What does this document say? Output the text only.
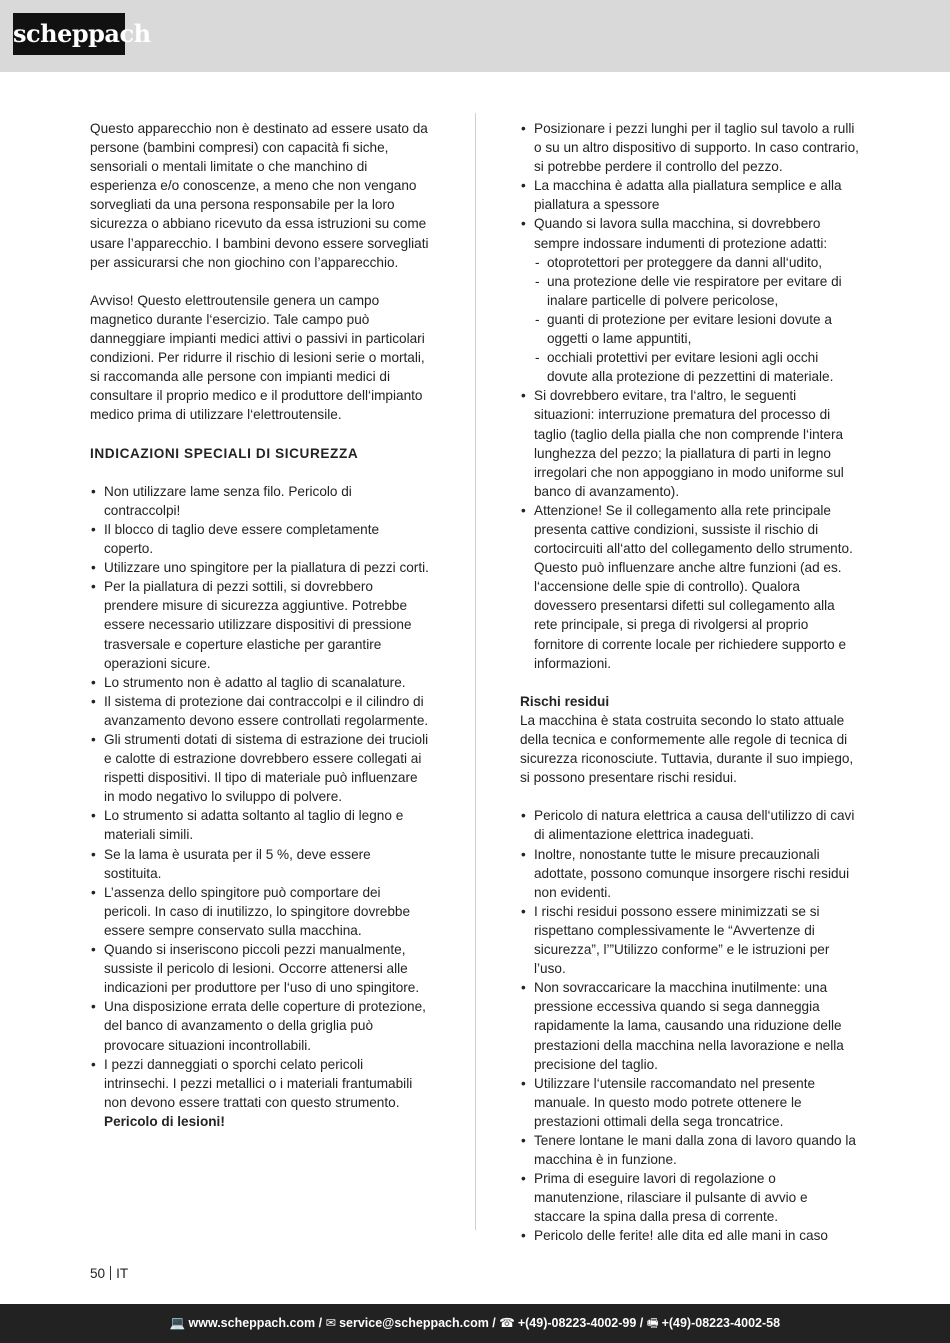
scheppach

Questo apparecchio non è destinato ad essere usato da persone (bambini compresi) con capacità fi siche, sensoriali o mentali limitate o che manchino di esperienza e/o conoscenze, a meno che non vengano sorvegliati da una persona responsabile per la loro sicurezza o abbiano ricevuto da essa istruzioni su come usare l’apparecchio. I bambini devono essere sorvegliati per assicurarsi che non giochino con l’apparecchio.

Avviso! Questo elettroutensile genera un campo magnetico durante l‘esercizio. Tale campo può danneggiare impianti medici attivi o passivi in particolari condizioni. Per ridurre il rischio di lesioni serie o mortali, si raccomanda alle persone con impianti medici di consultare il proprio medico e il produttore dell‘impianto medico prima di utilizzare l‘elettroutensile.

INDICAZIONI SPECIALI DI SICUREZZA

• Non utilizzare lame senza filo. Pericolo di contraccolpi!
• Il blocco di taglio deve essere completamente coperto.
• Utilizzare uno spingitore per la piallatura di pezzi corti.
• Per la piallatura di pezzi sottili, si dovrebbero prendere misure di sicurezza aggiuntive. Potrebbe essere necessario utilizzare dispositivi di pressione trasversale e coperture elastiche per garantire operazioni sicure.
• Lo strumento non è adatto al taglio di scanalature.
• Il sistema di protezione dai contraccolpi e il cilindro di avanzamento devono essere controllati regolarmente.
• Gli strumenti dotati di sistema di estrazione dei trucioli e calotte di estrazione dovrebbero essere collegati ai rispetti dispositivi. Il tipo di materiale può influenzare in modo negativo lo sviluppo di polvere.
• Lo strumento si adatta soltanto al taglio di legno e materiali simili.
• Se la lama è usurata per il 5 %, deve essere sostituita.
• L’assenza dello spingitore può comportare dei pericoli. In caso di inutilizzo, lo spingitore dovrebbe essere sempre conservato sulla macchina.
• Quando si inseriscono piccoli pezzi manualmente, sussiste il pericolo di lesioni. Occorre attenersi alle indicazioni per produttore per l‘uso di uno spingitore.
• Una disposizione errata delle coperture di protezione, del banco di avanzamento o della griglia può provocare situazioni incontrollabili.
• I pezzi danneggiati o sporchi celato pericoli intrinsechi. I pezzi metallici o i materiali frantumabili non devono essere trattati con questo strumento.
Pericolo di lesioni!
• Posizionare i pezzi lunghi per il taglio sul tavolo a rulli o su un altro dispositivo di supporto. In caso contrario, si potrebbe perdere il controllo del pezzo.
• La macchina è adatta alla piallatura semplice e alla piallatura a spessore
• Quando si lavora sulla macchina, si dovrebbero sempre indossare indumenti di protezione adatti:
- otoprotettori per proteggere da danni all‘udito,
- una protezione delle vie respiratore per evitare di inalare particelle di polvere pericolose,
- guanti di protezione per evitare lesioni dovute a oggetti o lame appuntiti,
- occhiali protettivi per evitare lesioni agli occhi dovute alla protezione di pezzettini di materiale.
• Si dovrebbero evitare, tra l‘altro, le seguenti situazioni: interruzione prematura del processo di taglio (taglio della pialla che non comprende l‘intera lunghezza del pezzo; la piallatura di parti in legno irregolari che non appoggiano in modo uniforme sul banco di avanzamento).
• Attenzione! Se il collegamento alla rete principale presenta cattive condizioni, sussiste il rischio di cortocircuiti all‘atto del collegamento dello strumento. Questo può influenzare anche altre funzioni (ad es. l‘accensione delle spie di controllo). Qualora dovessero presentarsi difetti sul collegamento alla rete principale, si prega di rivolgersi al proprio fornitore di corrente locale per richiedere supporto e informazioni.

Rischi residui

La macchina è stata costruita secondo lo stato attuale della tecnica e conformemente alle regole di tecnica di sicurezza riconosciute. Tuttavia, durante il suo impiego, si possono presentare rischi residui.

• Pericolo di natura elettrica a causa dell‘utilizzo di cavi di alimentazione elettrica inadeguati.
• Inoltre, nonostante tutte le misure precauzionali adottate, possono comunque insorgere rischi residui non evidenti.
• I rischi residui possono essere minimizzati se si rispettano complessivamente le “Avvertenze di sicurezza”, l’”Utilizzo conforme” e le istruzioni per l’uso.
• Non sovraccaricare la macchina inutilmente: una pressione eccessiva quando si sega danneggia rapidamente la lama, causando una riduzione delle prestazioni della macchina nella lavorazione e nella precisione del taglio.
• Utilizzare l‘utensile raccomandato nel presente manuale. In questo modo potrete ottenere le prestazioni ottimali della sega troncatrice.
• Tenere lontane le mani dalla zona di lavoro quando la macchina è in funzione.
• Prima di eseguire lavori di regolazione o manutenzione, rilasciare il pulsante di avvio e staccare la spina dalla presa di corrente.
• Pericolo delle ferite! alle dita ed alle mani in caso
50 IT
💻 www.scheppach.com / ✉ service@scheppach.com / ☎ +(49)-08223-4002-99 / 🖷 +(49)-08223-4002-58
